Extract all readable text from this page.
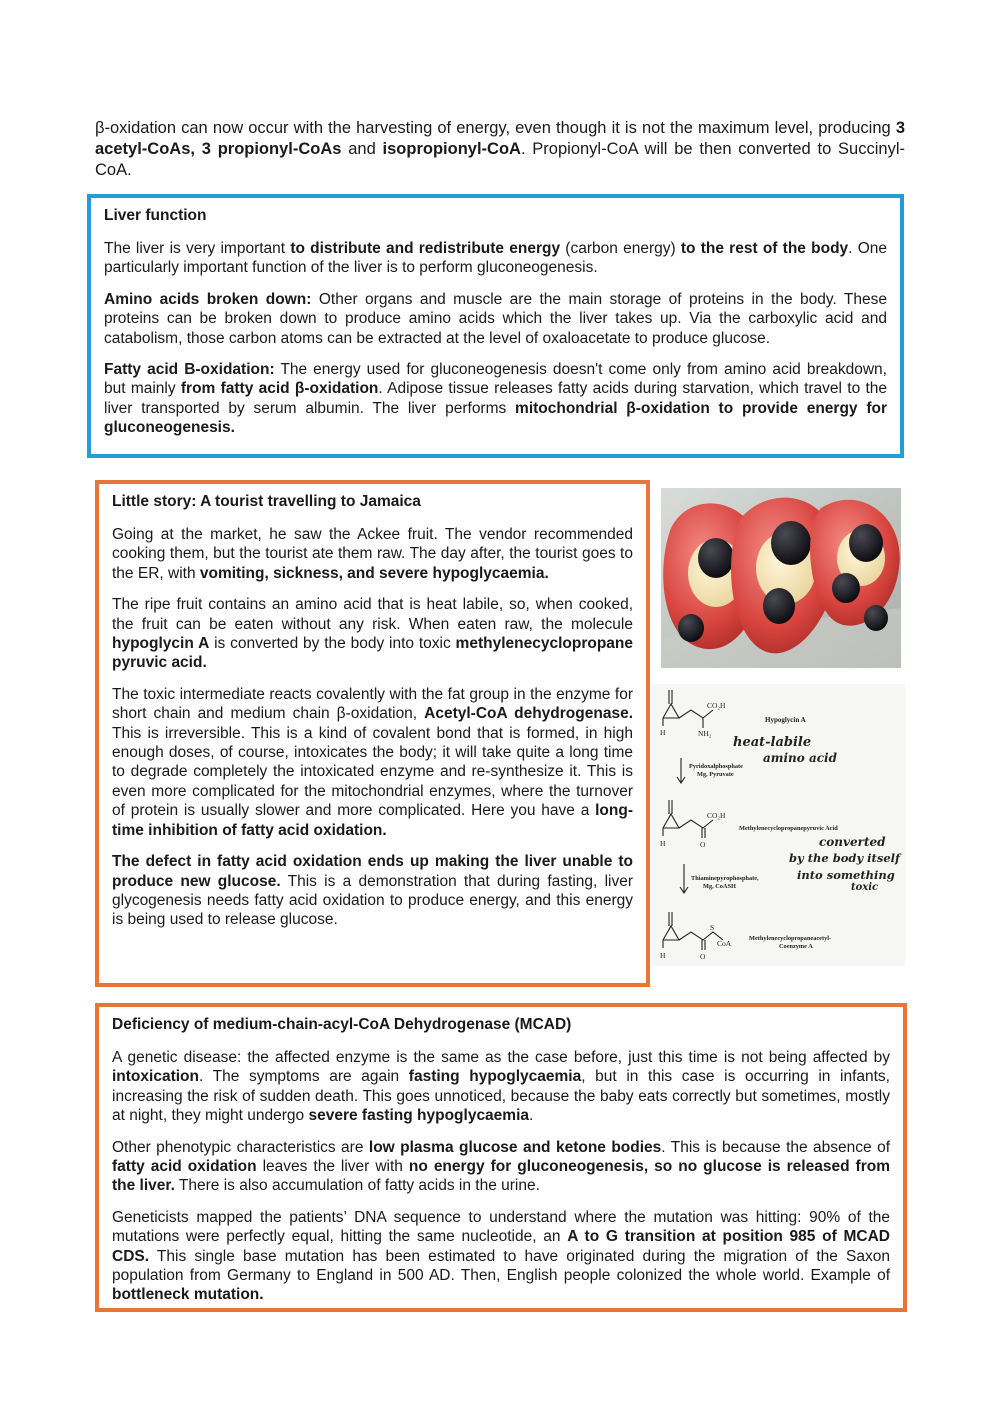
β-oxidation can now occur with the harvesting of energy, even though it is not the maximum level, producing 3 acetyl-CoAs, 3 propionyl-CoAs and isopropionyl-CoA. Propionyl-CoA will be then converted to Succinyl-CoA.
Liver function

The liver is very important to distribute and redistribute energy (carbon energy) to the rest of the body. One particularly important function of the liver is to perform gluconeogenesis.

Amino acids broken down: Other organs and muscle are the main storage of proteins in the body. These proteins can be broken down to produce amino acids which the liver takes up. Via the carboxylic acid and catabolism, those carbon atoms can be extracted at the level of oxaloacetate to produce glucose.

Fatty acid B-oxidation: The energy used for gluconeogenesis doesn't come only from amino acid breakdown, but mainly from fatty acid β-oxidation. Adipose tissue releases fatty acids during starvation, which travel to the liver transported by serum albumin. The liver performs mitochondrial β-oxidation to provide energy for gluconeogenesis.

Little story: A tourist travelling to Jamaica

Going at the market, he saw the Ackee fruit. The vendor recommended cooking them, but the tourist ate them raw. The day after, the tourist goes to the ER, with vomiting, sickness, and severe hypoglycaemia.

The ripe fruit contains an amino acid that is heat labile, so, when cooked, the fruit can be eaten without any risk. When eaten raw, the molecule hypoglycin A is converted by the body into toxic methylenecyclopropane pyruvic acid.

The toxic intermediate reacts covalently with the fat group in the enzyme for short chain and medium chain β-oxidation, Acetyl-CoA dehydrogenase. This is irreversible. This is a kind of covalent bond that is formed, in high enough doses, of course, intoxicates the body; it will take quite a long time to degrade completely the intoxicated enzyme and re-synthesize it. This is even more complicated for the mitochondrial enzymes, where the turnover of protein is usually slower and more complicated. Here you have a long-time inhibition of fatty acid oxidation.

The defect in fatty acid oxidation ends up making the liver unable to produce new glucose. This is a demonstration that during fasting, liver glycogenesis needs fatty acid oxidation to produce energy, and this energy is being used to release glucose.

CO₂H
H	NH₂
Hypoglycin A
heat-labile
amino acid
Pyridoxalphosphate
Mg, Pyruvate
CO₂H
H	O
Methylenecyclopropanepyruvic Acid
converted
by the body itself
into something
toxic
Thiaminepyrophosphate,
Mg, CoASH
S
CoA
H	O
Methylenecyclopropaneacetyl-
Coenzyme A
Deficiency of medium-chain-acyl-CoA Dehydrogenase (MCAD)

A genetic disease: the affected enzyme is the same as the case before, just this time is not being affected by intoxication. The symptoms are again fasting hypoglycaemia, but in this case is occurring in infants, increasing the risk of sudden death. This goes unnoticed, because the baby eats correctly but sometimes, mostly at night, they might undergo severe fasting hypoglycaemia.

Other phenotypic characteristics are low plasma glucose and ketone bodies. This is because the absence of fatty acid oxidation leaves the liver with no energy for gluconeogenesis, so no glucose is released from the liver. There is also accumulation of fatty acids in the urine.

Geneticists mapped the patients’ DNA sequence to understand where the mutation was hitting: 90% of the mutations were perfectly equal, hitting the same nucleotide, an A to G transition at position 985 of MCAD CDS. This single base mutation has been estimated to have originated during the migration of the Saxon population from Germany to England in 500 AD. Then, English people colonized the whole world. Example of bottleneck mutation.
